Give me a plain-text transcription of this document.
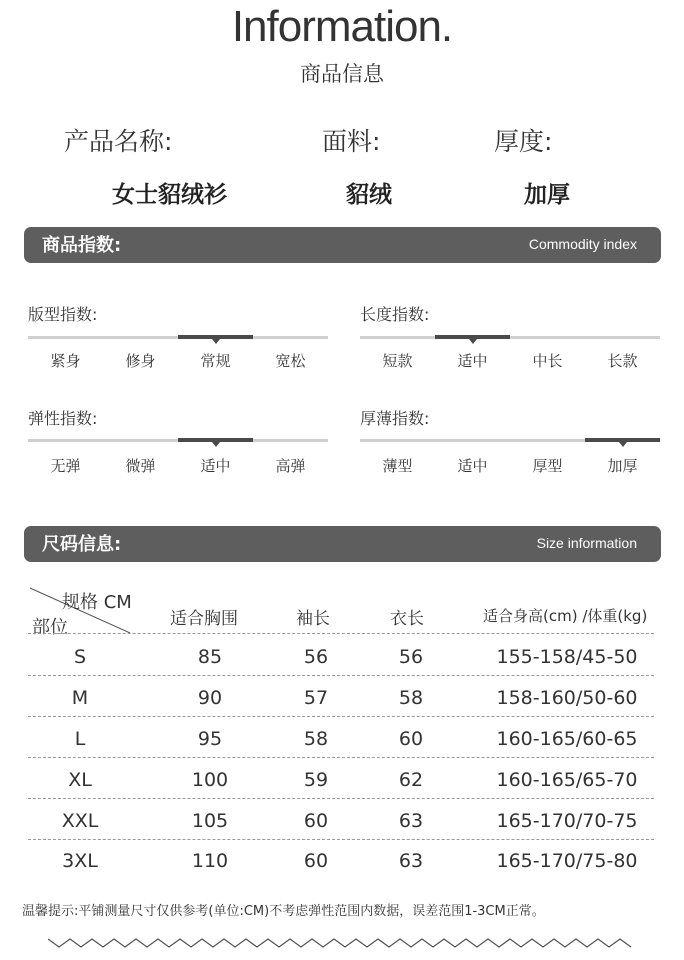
Information.
商品信息
产品名称:	面料:	厚度:
女士貂绒衫	貂绒	加厚
商品指数:	Commodity index
版型指数:
紧身	修身	常规	宽松
长度指数:
短款	适中	中长	长款
弹性指数:
无弹	微弹	适中	高弹
厚薄指数:
薄型	适中	厚型	加厚
尺码信息:	Size information
规格 CM
部位	适合胸围	袖长	衣长	适合身高(cm) /体重(kg)
S	85	56	56	155-158/45-50
M	90	57	58	158-160/50-60
L	95	58	60	160-165/60-65
XL	100	59	62	160-165/65-70
XXL	105	60	63	165-170/70-75
3XL	110	60	63	165-170/75-80
温馨提示:平铺测量尺寸仅供参考(单位:CM)不考虑弹性范围内数据，误差范围1-3CM正常。
